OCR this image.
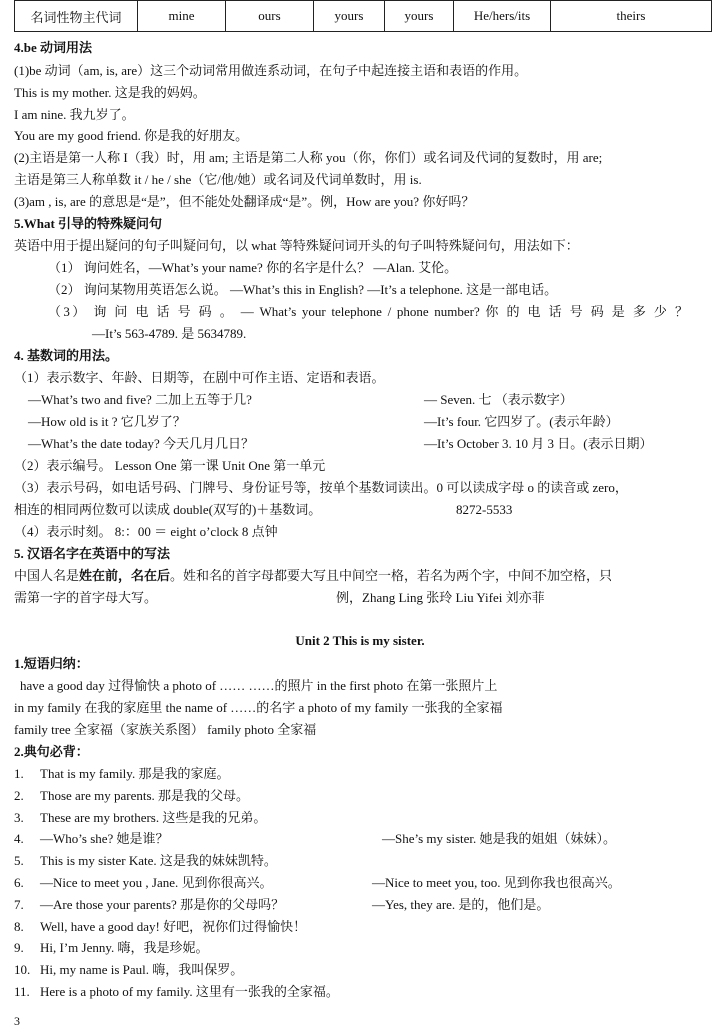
名词性物主代词	mine	ours	yours	yours	He/hers/its	theirs
4.be 动词用法
(1)be 动词（am, is, are）这三个动词常用做连系动词，在句子中起连接主语和表语的作用。
This is my mother. 这是我的妈妈。
I am nine. 我九岁了。
You are my good friend. 你是我的好朋友。
(2)主语是第一人称 I（我）时，用 am; 主语是第二人称 you（你，你们）或名词及代词的复数时，用 are;
主语是第三人称单数 it / he / she（它/他/她）或名词及代词单数时，用 is.
(3)am , is, are 的意思是“是”，但不能处处翻译成“是”。例，How are you? 你好吗？
5.What 引导的特殊疑问句
英语中用于提出疑问的句子叫疑问句，以 what 等特殊疑问词开头的句子叫特殊疑问句，用法如下：
（1） 询问姓名，—What’s your name? 你的名字是什么？ —Alan. 艾伦。
（2） 询问某物用英语怎么说。 —What’s this in English? —It’s a telephone. 这是一部电话。
（3） 询 问 电 话 号 码 。 — What’s your telephone / phone number? 你 的 电 话 号 码 是 多 少 ？
—It’s 563-4789. 是 5634789.
4. 基数词的用法。
（1）表示数字、年龄、日期等，在剧中可作主语、定语和表语。
—What’s two and five? 二加上五等于几?	— Seven. 七 （表示数字）
—How old is it ? 它几岁了？	—It’s four. 它四岁了。(表示年龄）
—What’s the date today? 今天几月几日？	—It’s October 3. 10 月 3 日。(表示日期）
（2）表示编号。 Lesson One 第一课 Unit One 第一单元
（3）表示号码，如电话号码、门牌号、身份证号等，按单个基数词读出。0 可以读成字母 o 的读音或 zero，
相连的相同两位数可以读成 double(双写的)＋基数词。	8272-5533
（4）表示时刻。 8:：00 ＝ eight o’clock 8 点钟
5. 汉语名字在英语中的写法
中国人名是姓在前，名在后。姓和名的首字母都要大写且中间空一格，若名为两个字，中间不加空格，只
需第一字的首字母大写。	例，Zhang Ling 张玲 Liu Yifei 刘亦菲
Unit 2 This is my sister.
1.短语归纳：
have a good day 过得愉快 a photo of …… ……的照片 in the first photo 在第一张照片上
in my family 在我的家庭里 the name of ……的名字 a photo of my family 一张我的全家福
family tree 全家福（家族关系图） family photo 全家福
2.典句必背：
1. That is my family. 那是我的家庭。
2. Those are my parents. 那是我的父母。
3. These are my brothers. 这些是我的兄弟。
4. —Who’s she? 她是谁？	—She’s my sister. 她是我的姐姐（妹妹）。
5. This is my sister Kate. 这是我的妹妹凯特。
6. —Nice to meet you , Jane. 见到你很高兴。	—Nice to meet you, too. 见到你我也很高兴。
7. —Are those your parents? 那是你的父母吗？	—Yes, they are. 是的，他们是。
8. Well, have a good day! 好吧，祝你们过得愉快！
9. Hi, I’m Jenny. 嗨，我是珍妮。
10. Hi, my name is Paul. 嗨，我叫保罗。
11. Here is a photo of my family. 这里有一张我的全家福。
3
